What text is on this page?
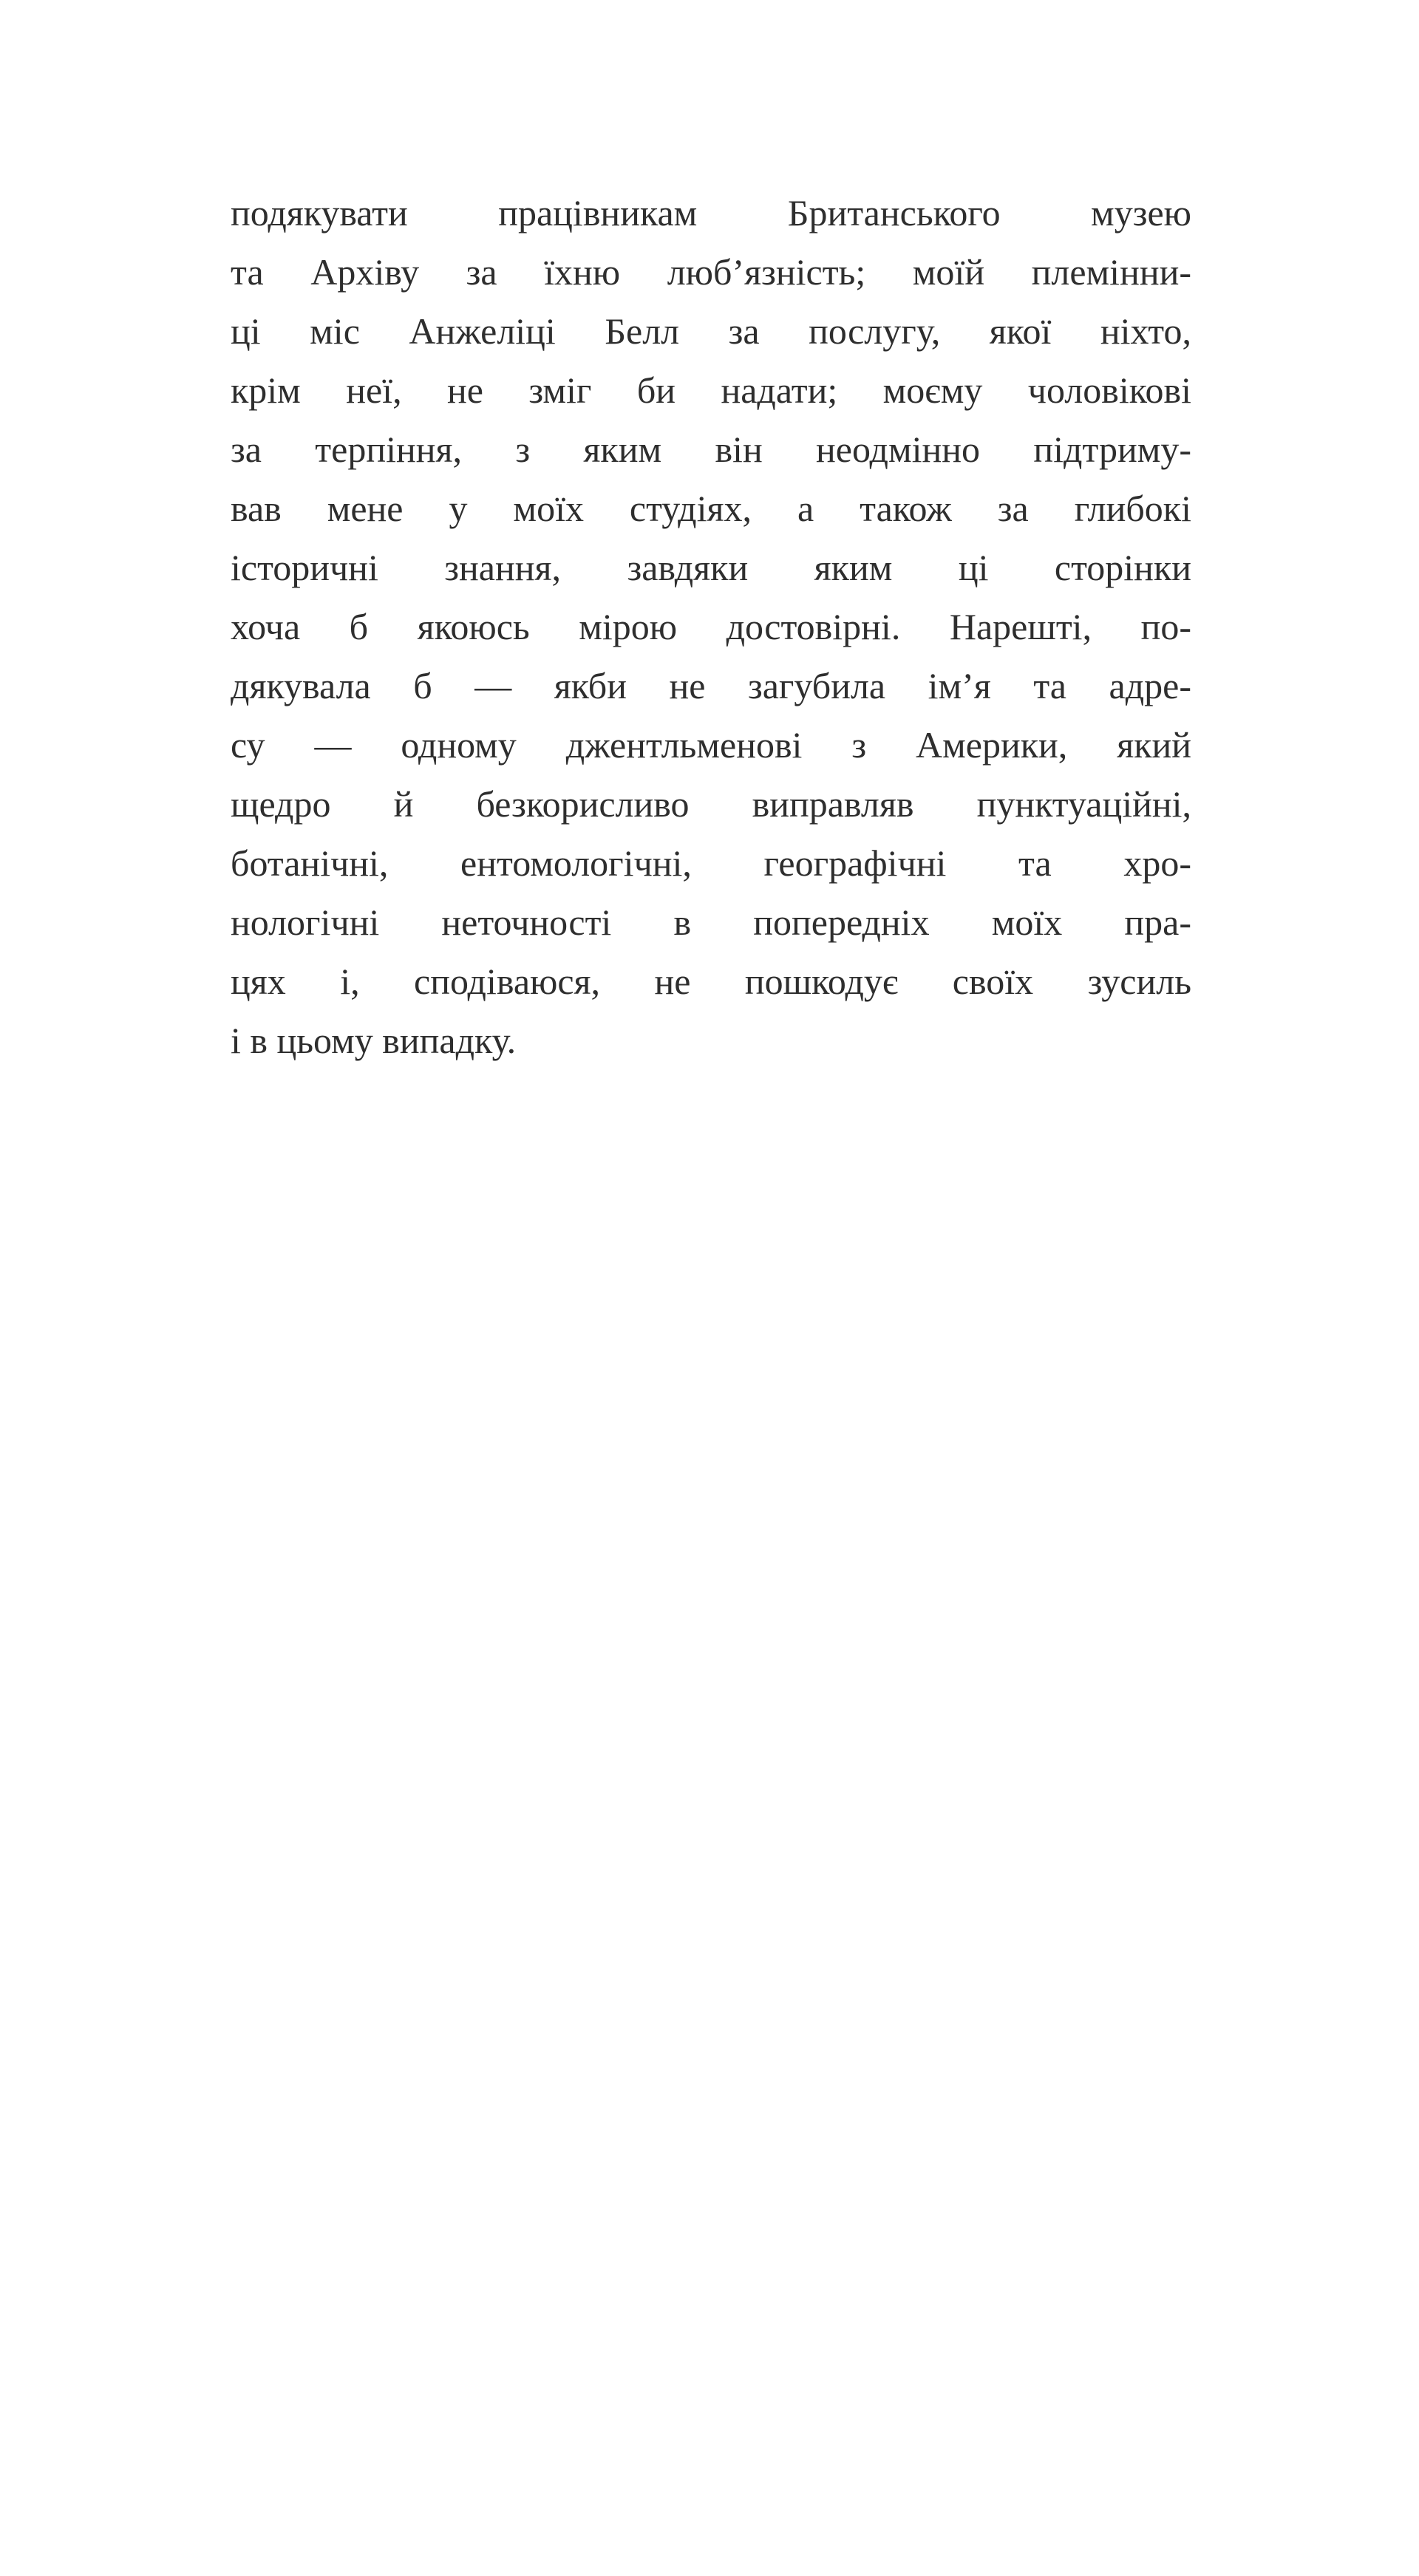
подякувати працівникам Британського музею
та Архіву за їхню люб’язність; моїй племінни-
ці міс Анжеліці Белл за послугу, якої ніхто,
крім неї, не зміг би надати; моєму чоловікові
за терпіння, з яким він неодмінно підтриму-
вав мене у моїх студіях, а також за глибокі
історичні знання, завдяки яким ці сторінки
хоча б якоюсь мірою достовірні. Нарешті, по-
дякувала б — якби не загубила ім’я та адре-
су — одному джентльменові з Америки, який
щедро й безкорисливо виправляв пунктуаційні,
ботанічні, ентомологічні, географічні та хро-
нологічні неточності в попередніх моїх пра-
цях і, сподіваюся, не пошкодує своїх зусиль
і в цьому випадку.
